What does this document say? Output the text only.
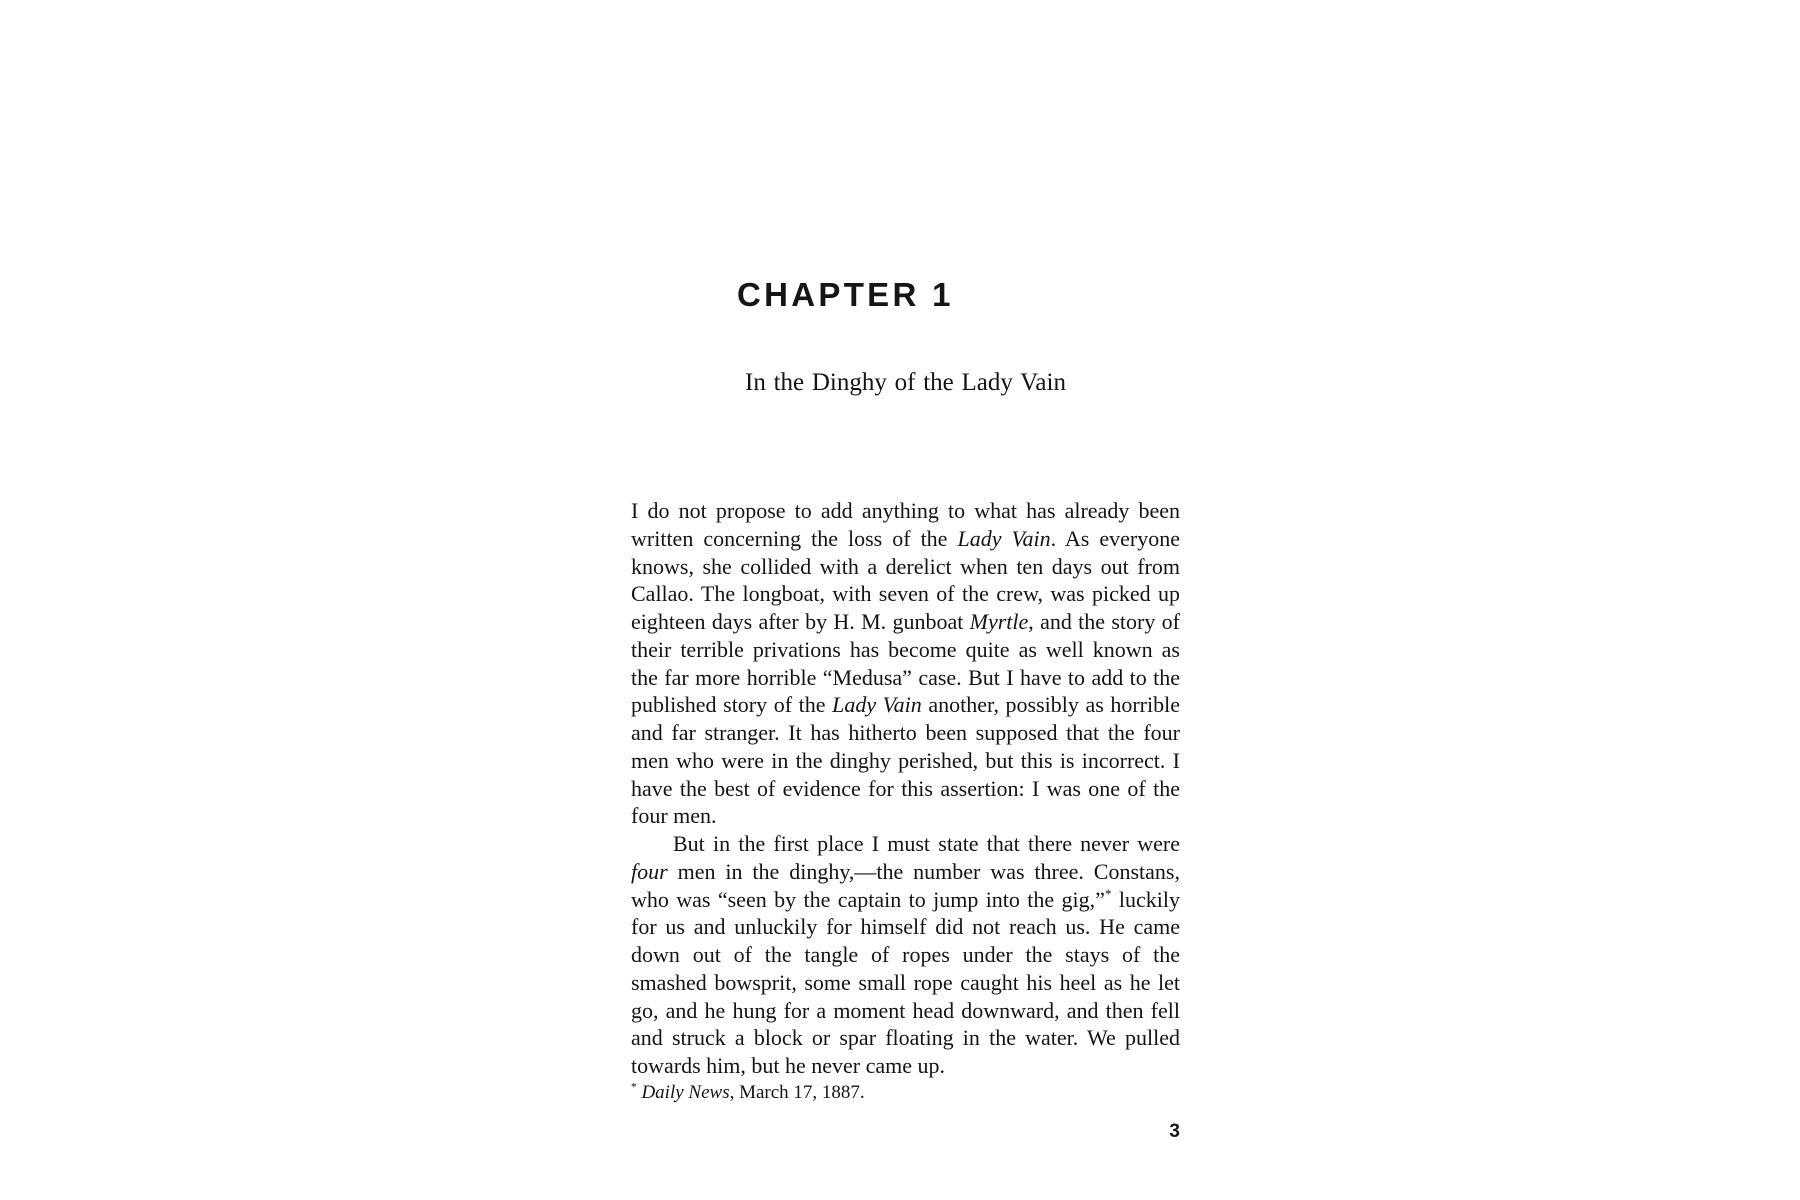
CHAPTER 1
In the Dinghy of the Lady Vain

I do not propose to add anything to what has already been written concerning the loss of the Lady Vain. As everyone knows, she collided with a derelict when ten days out from Callao. The longboat, with seven of the crew, was picked up eighteen days after by H. M. gunboat Myrtle, and the story of their terrible privations has become quite as well known as the far more horrible “Medusa” case. But I have to add to the published story of the Lady Vain another, possibly as horrible and far stranger. It has hitherto been supposed that the four men who were in the dinghy perished, but this is incorrect. I have the best of evidence for this assertion: I was one of the four men.

But in the first place I must state that there never were four men in the dinghy,—the number was three. Constans, who was “seen by the captain to jump into the gig,”* luckily for us and unluckily for himself did not reach us. He came down out of the tangle of ropes under the stays of the smashed bowsprit, some small rope caught his heel as he let go, and he hung for a moment head downward, and then fell and struck a block or spar floating in the water. We pulled towards him, but he never came up.

* Daily News, March 17, 1887.
3
